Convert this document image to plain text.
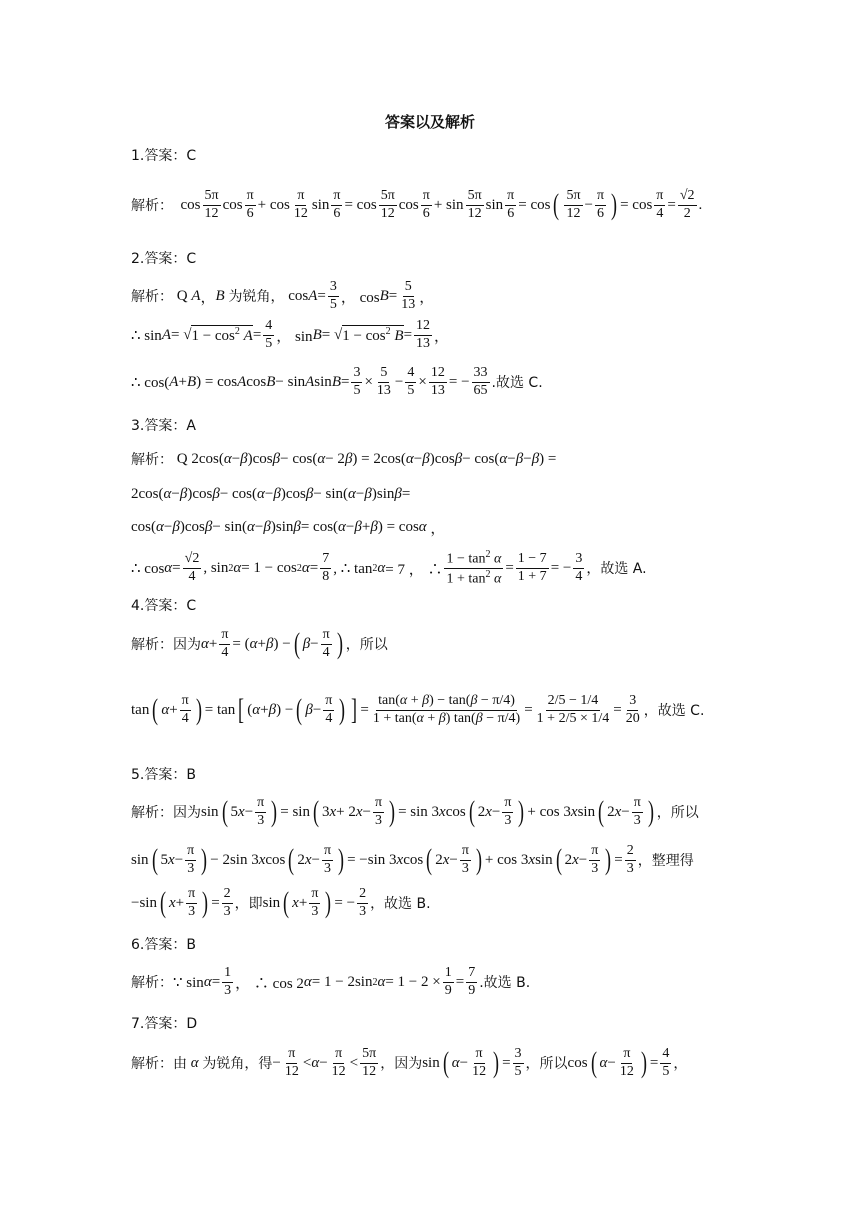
答案以及解析
1.答案：C
解析： $\cos \frac{5\pi}{12}$ $\cos \frac{\pi}{6} + \cos \frac{\pi}{12}$ $\sin \frac{\pi}{6} = \cos \frac{5\pi}{12}$ $\cos \frac{\pi}{6} + \sin \frac{5\pi}{12}$ $\sin \frac{\pi}{6} = \cos$ ( $\frac{5\pi}{12} - \frac{\pi}{6}$ ) = $\cos \frac{\pi}{4} = \frac{√2}{2}$ .
2.答案：C
解析： Q A ， B
为锐角， $\cos A = \frac{3}{5}$ ， $\cos B = \frac{5}{13}$ ，
∴ sin A = √ $1 - \cos^2 A = \frac{4}{5}$ ， sin B = √ $1 - \cos^2 B = \frac{12}{13}$ ，
∴ cos( A + B ) = cos A cos B − sin A $\sin B = \frac{3}{5} \times \frac{5}{13} - \frac{4}{5} \times \frac{12}{13}$ = − $\frac{33}{65}$ .故选 C.
3.答案：A
解析： Q 2cos( α − β )cos β − cos( α − 2 β ) = 2cos( α − β )cos β − cos( α − β − β ) =
2cos( α − β )cos β − cos( α − β )cos β − sin( α − β )sin β =
cos( α − β )cos β − sin( α − β )sin β = cos( α − β + β ) = cos α ，
∴ $\cos \alpha = \frac{√2}{4}$ , sin 2 α = 1 − cos 2 $\alpha = \frac{7}{8}$ , ∴ tan 2 α = 7 ， ∴ $\frac{1 - \tan^2 \alpha}{1 + \tan^2 \alpha} = \frac{1 - 7}{1 + 7}$ = − $\frac{3}{4}$ ，故选 A.
4.答案：C
解析： 因为 $\alpha + \frac{\pi}{4}$ = ( α + β ) − ( $\beta - \frac{\pi}{4}$ ) ，所以
tan ( $\alpha + \frac{\pi}{4}$ ) = tan [ ( α + β ) − ( $\beta - \frac{\pi}{4}$ ) ] = $\frac{\tan(\alpha + \beta) - \tan(\beta - \pi/4)}{1 + \tan(\alpha + \beta) \tan(\beta - \pi/4)} = \frac{2/5 - 1/4}{1 + 2/5 \times 1/4} = \frac{3}{20}$ ，故选 C.
5.答案：B
解析： 因为 sin ( 5 $x - \frac{\pi}{3}$ ) = sin ( 3 x + 2 $x - \frac{\pi}{3}$ ) = sin 3 x cos ( 2 $x - \frac{\pi}{3}$ ) + cos 3 x sin ( 2 $x - \frac{\pi}{3}$ ) ，所以
sin ( 5 $x - \frac{\pi}{3}$ ) − 2sin 3 x cos ( 2 $x - \frac{\pi}{3}$ ) = −sin 3 x cos ( 2 $x - \frac{\pi}{3}$ ) + cos 3 x sin ( 2 $x - \frac{\pi}{3}$ ) = $\frac{2}{3}$ ，整理得
−sin ( $x + \frac{\pi}{3}$ ) = $\frac{2}{3}$ ，即 sin ( $x + \frac{\pi}{3}$ ) = − $\frac{2}{3}$ ，故选 B.
6.答案：B
解析： ∵ $\sin \alpha = \frac{1}{3}$ ， ∴ cos 2 α = 1 − 2sin 2 $\alpha = 1 - 2 \times \frac{1}{9} = \frac{7}{9}$ .故选 B.
7.答案：D
解析： 由
α
为锐角，得 − $\frac{\pi}{12} < \alpha - \frac{\pi}{12} < \frac{5\pi}{12}$ ，因为 sin ( $\alpha - \frac{\pi}{12}$ ) = $\frac{3}{5}$ ，所以 cos ( $\alpha - \frac{\pi}{12}$ ) = $\frac{4}{5}$ ，
